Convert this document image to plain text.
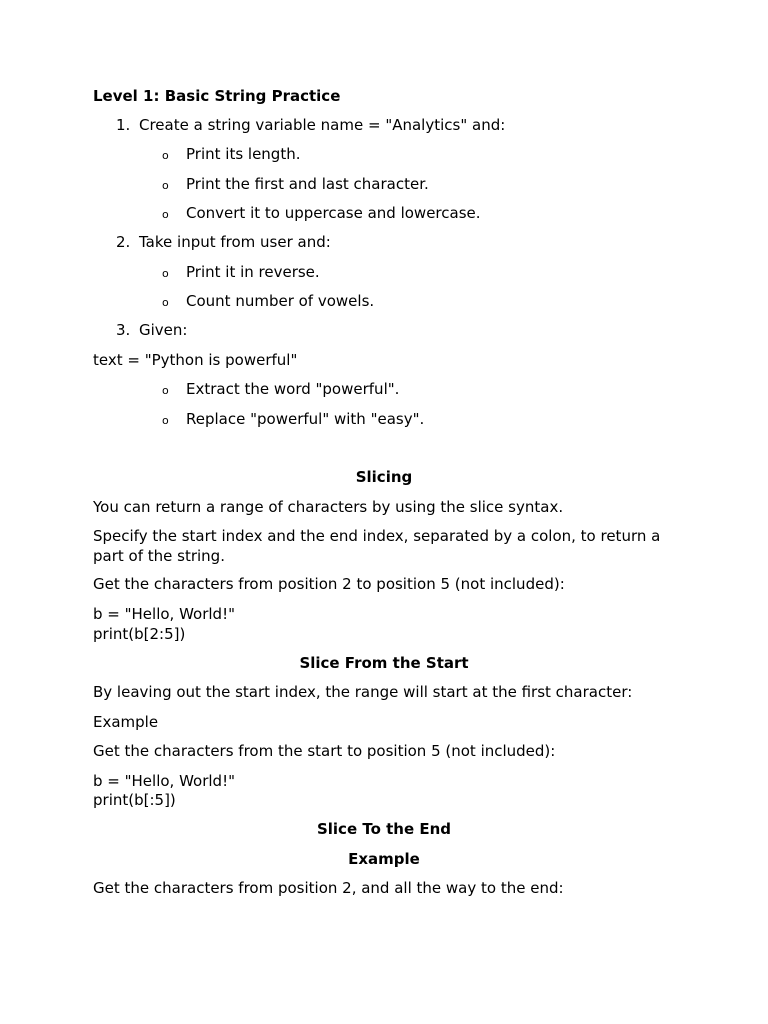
Level 1: Basic String Practice
1. Create a string variable name = "Analytics" and:
o Print its length.
o Print the first and last character.
o Convert it to uppercase and lowercase.
2. Take input from user and:
o Print it in reverse.
o Count number of vowels.
3. Given:
text = "Python is powerful"
o Extract the word "powerful".
o Replace "powerful" with "easy".
Slicing
You can return a range of characters by using the slice syntax.
Specify the start index and the end index, separated by a colon, to return a part of the string.
Get the characters from position 2 to position 5 (not included):
b = "Hello, World!"
print(b[2:5])
Slice From the Start
By leaving out the start index, the range will start at the first character:
Example
Get the characters from the start to position 5 (not included):
b = "Hello, World!"
print(b[:5])
Slice To the End
Example
Get the characters from position 2, and all the way to the end:
